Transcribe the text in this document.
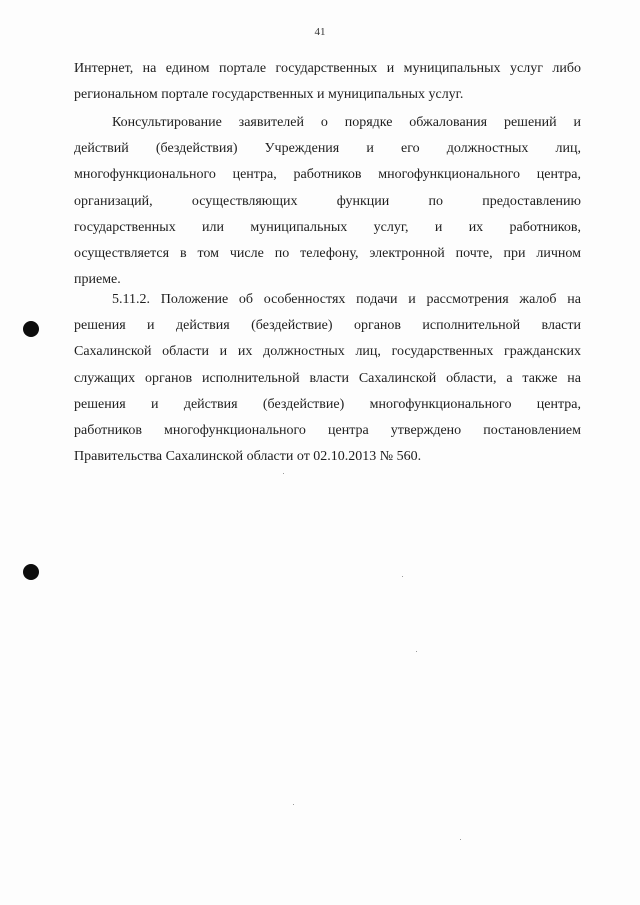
41
Интернет, на едином портале государственных и муниципальных услуг либо
региональном портале государственных и муниципальных услуг.
Консультирование заявителей о порядке обжалования решений и
действий (бездействия) Учреждения и его должностных лиц,
многофункционального центра, работников многофункционального центра,
организаций, осуществляющих функции по предоставлению
государственных или муниципальных услуг, и их работников,
осуществляется в том числе по телефону, электронной почте, при личном
приеме.
5.11.2. Положение об особенностях подачи и рассмотрения жалоб на
решения и действия (бездействие) органов исполнительной власти
Сахалинской области и их должностных лиц, государственных гражданских
служащих органов исполнительной власти Сахалинской области, а также на
решения и действия (бездействие) многофункционального центра,
работников многофункционального центра утверждено постановлением
Правительства Сахалинской области от 02.10.2013 № 560.
